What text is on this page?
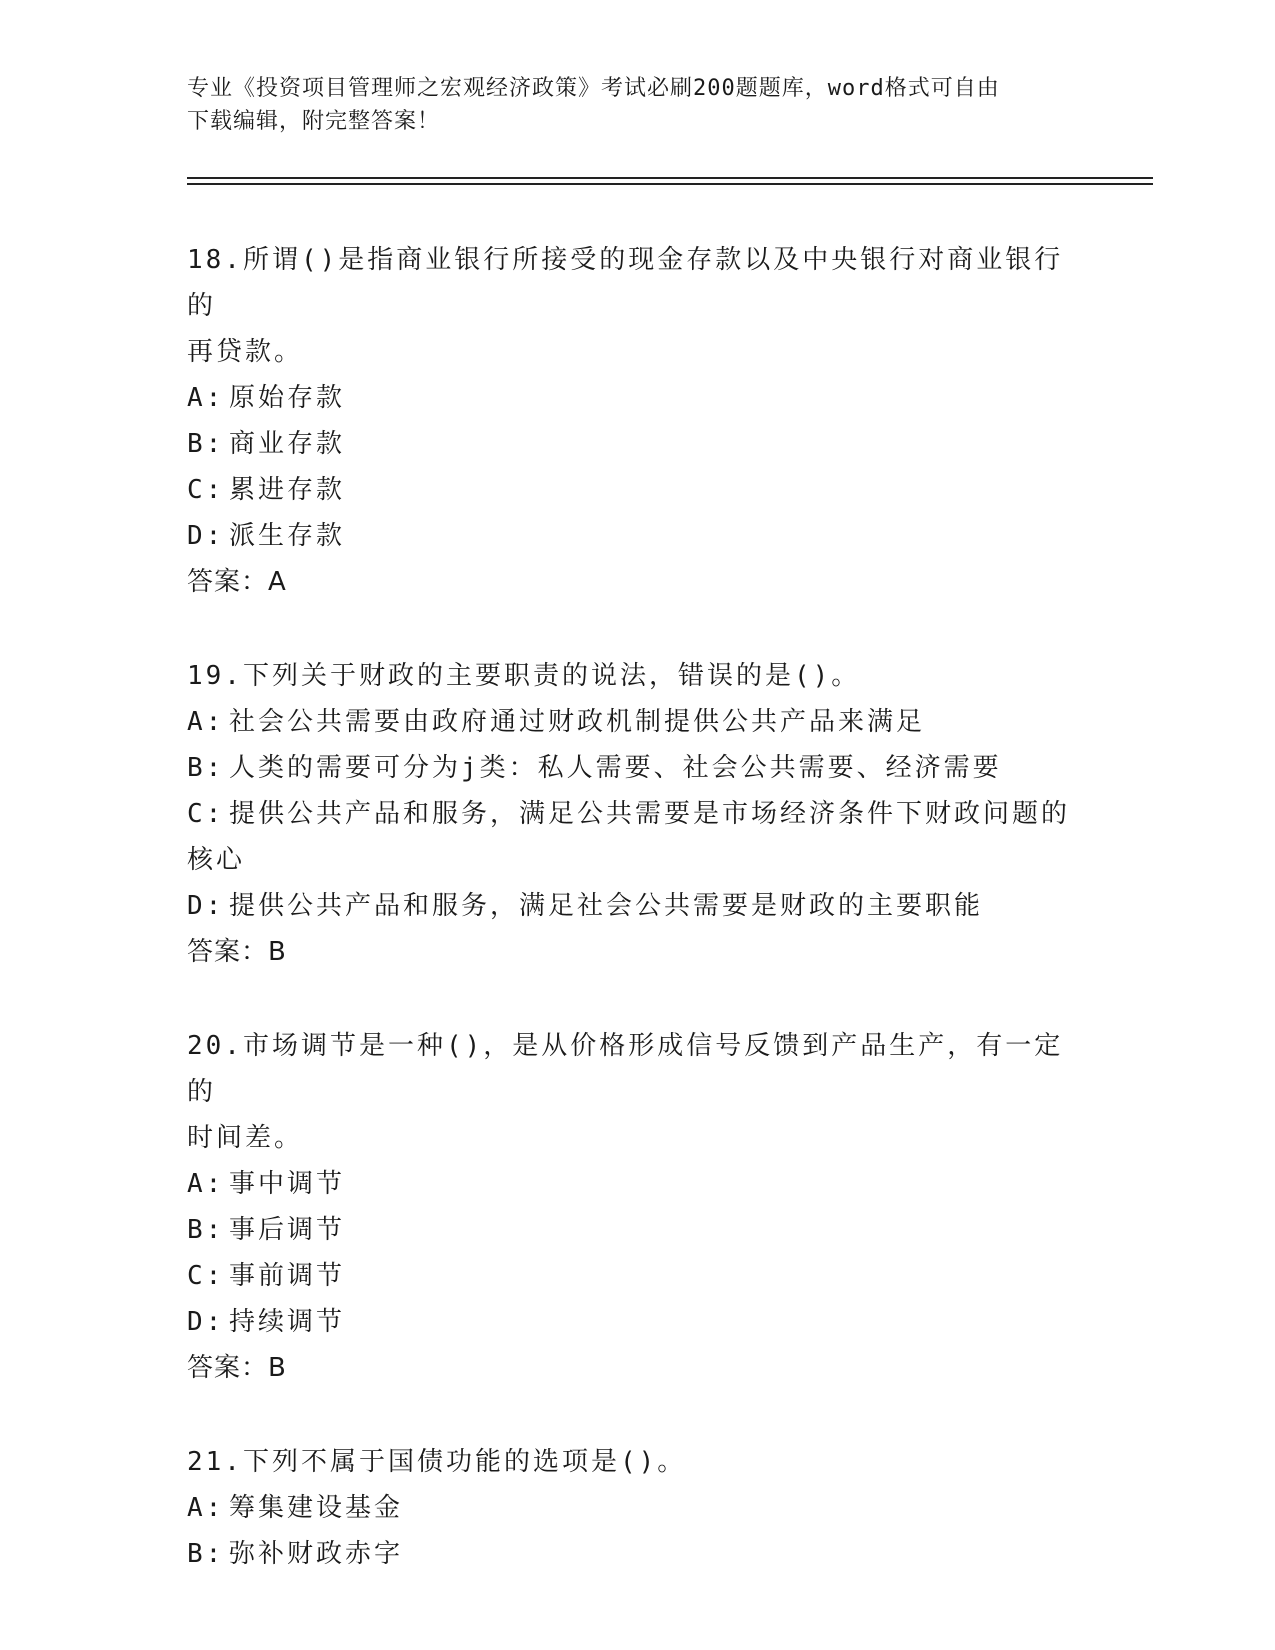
专业《投资项目管理师之宏观经济政策》考试必刷200题题库，word格式可自由
下载编辑，附完整答案！
18.所谓()是指商业银行所接受的现金存款以及中央银行对商业银行的
再贷款。
A: 原始存款
B: 商业存款
C: 累进存款
D: 派生存款
答案：A
19.下列关于财政的主要职责的说法，错误的是()。
A: 社会公共需要由政府通过财政机制提供公共产品来满足
B: 人类的需要可分为j类：私人需要、社会公共需要、经济需要
C: 提供公共产品和服务，满足公共需要是市场经济条件下财政问题的
核心
D: 提供公共产品和服务，满足社会公共需要是财政的主要职能
答案：B
20.市场调节是一种()，是从价格形成信号反馈到产品生产，有一定的
时间差。
A: 事中调节
B: 事后调节
C: 事前调节
D: 持续调节
答案：B
21.下列不属于国债功能的选项是()。
A: 筹集建设基金
B: 弥补财政赤字
